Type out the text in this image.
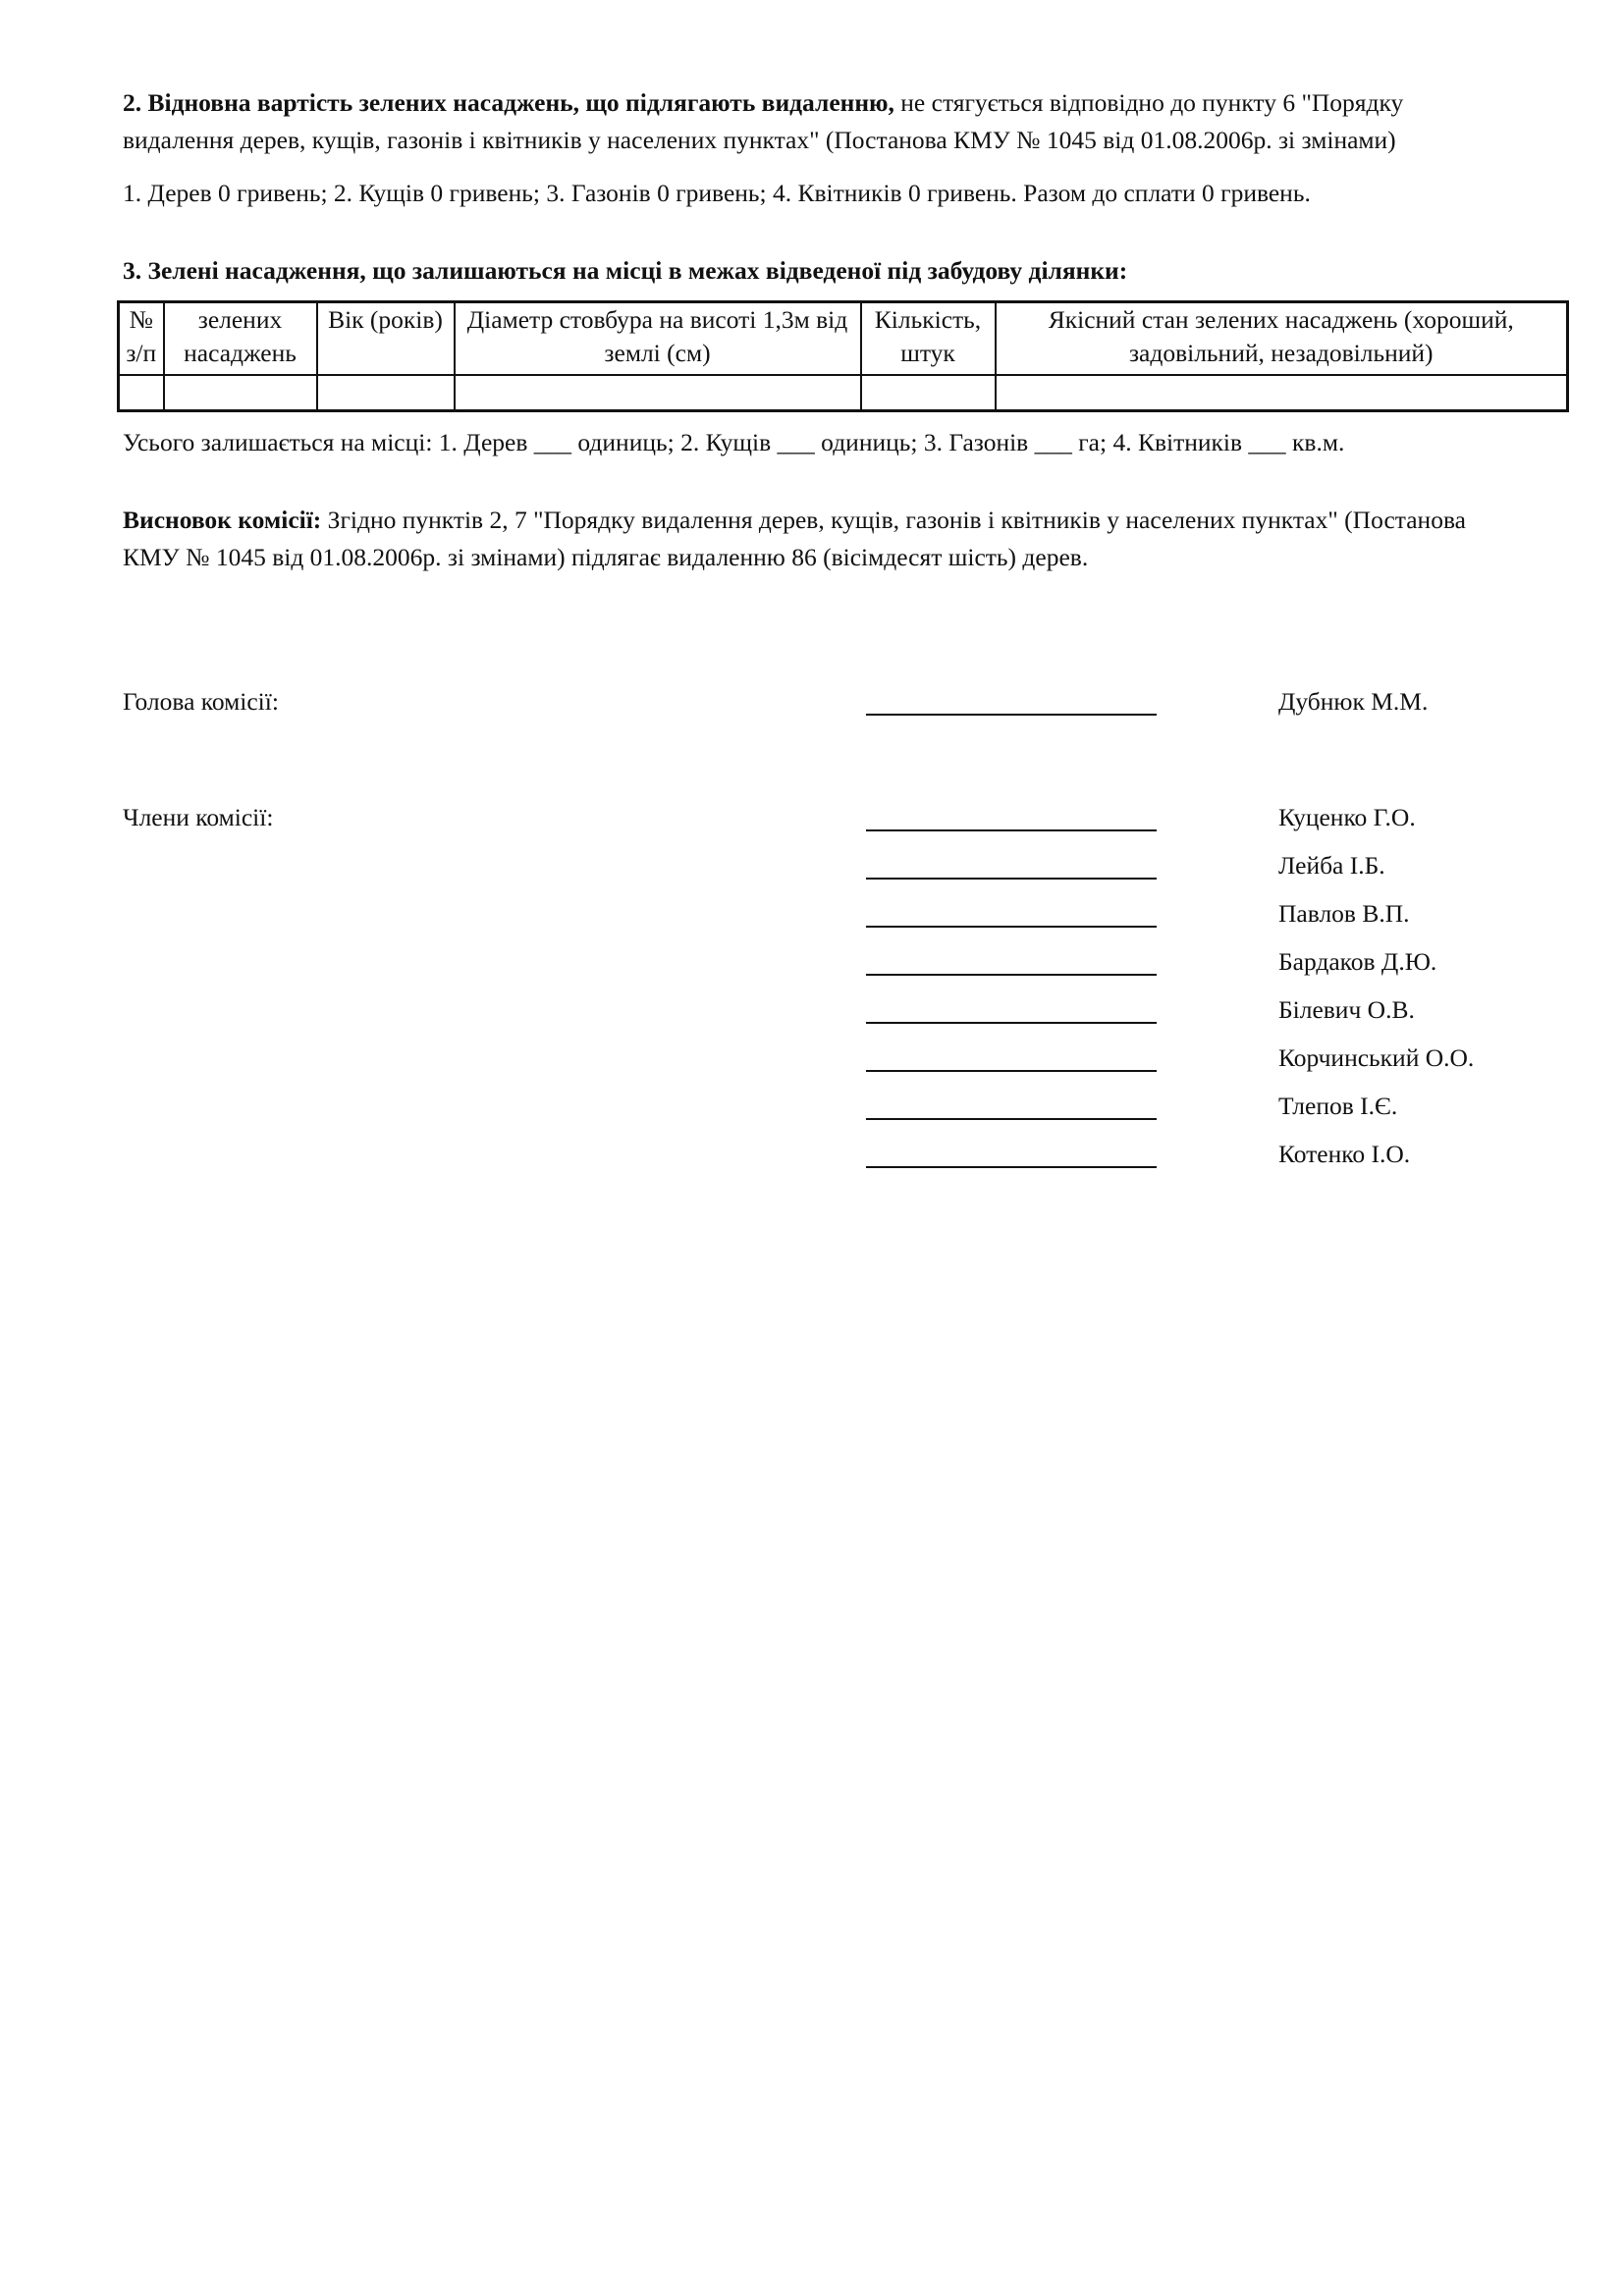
2. Відновна вартість зелених насаджень, що підлягають видаленню, не стягується відповідно до пункту 6 "Порядку видалення дерев, кущів, газонів і квітників у населених пунктах" (Постанова КМУ № 1045 від 01.08.2006р. зі змінами)

1. Дерев 0 гривень; 2. Кущів 0 гривень; 3. Газонів 0 гривень; 4. Квітників 0 гривень. Разом до сплати 0 гривень.

3. Зелені насадження, що залишаються на місці в межах відведеної під забудову ділянки:

№ з/п	зелених насаджень	Вік (років)	Діаметр стовбура на висоті 1,3м від землі (см)	Кількість, штук	Якісний стан зелених насаджень (хороший, задовільний, незадовільний)

Усього залишається на місці: 1. Дерев ___ одиниць; 2. Кущів ___ одиниць; 3. Газонів ___ га; 4. Квітників ___ кв.м.

Висновок комісії: Згідно пунктів 2, 7 "Порядку видалення дерев, кущів, газонів і квітників у населених пунктах" (Постанова КМУ № 1045 від 01.08.2006р. зі змінами) підлягає видаленню 86 (вісімдесят шість) дерев.

Голова комісії:	Дубнюк М.М.
Члени комісії:	Куценко Г.О.
Лейба І.Б.
Павлов В.П.
Бардаков Д.Ю.
Білевич О.В.
Корчинський О.О.
Тлепов І.Є.
Котенко І.О.
